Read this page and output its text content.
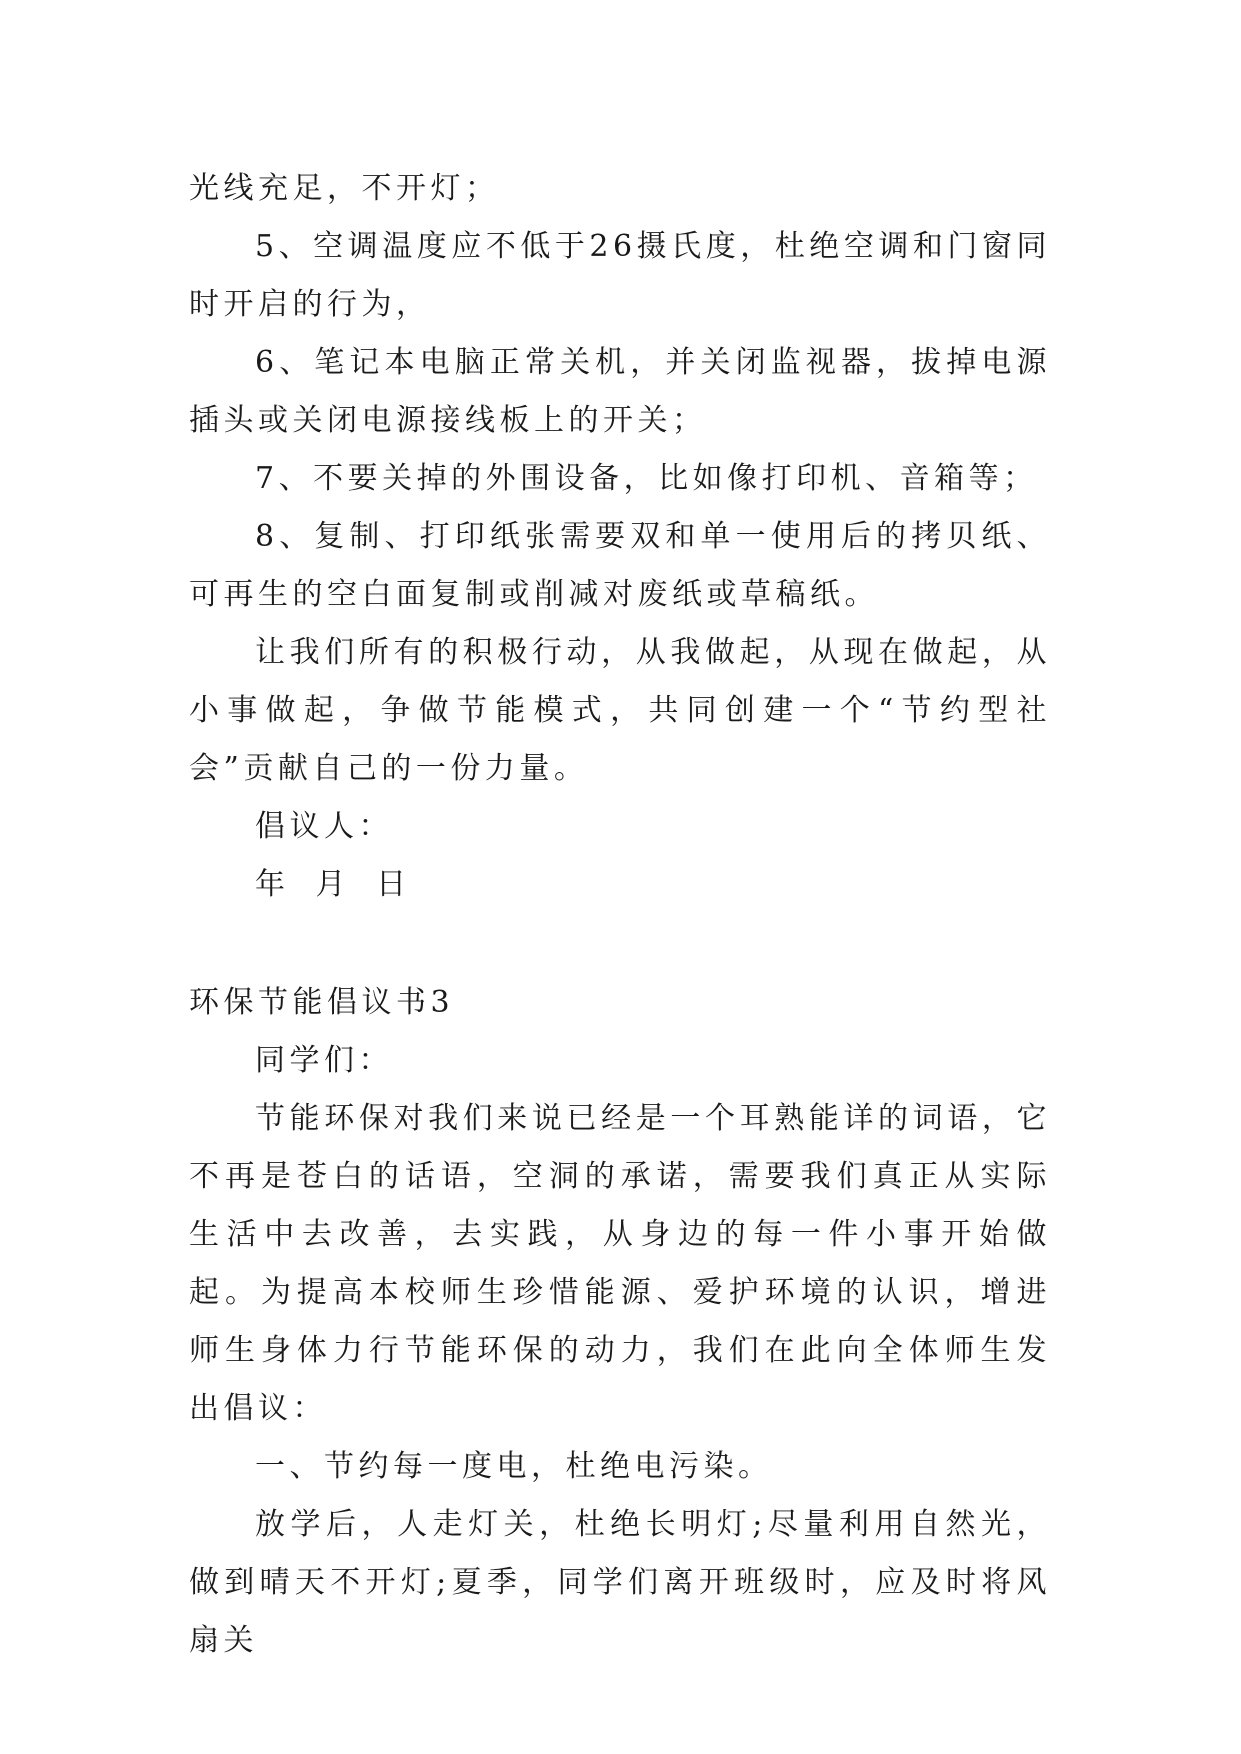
光线充足，不开灯；

5、空调温度应不低于26摄氏度，杜绝空调和门窗同时开启的行为，

6、笔记本电脑正常关机，并关闭监视器，拔掉电源插头或关闭电源接线板上的开关；

7、不要关掉的外围设备，比如像打印机、音箱等；

8、复制、打印纸张需要双和单一使用后的拷贝纸、可再生的空白面复制或削减对废纸或草稿纸。

让我们所有的积极行动，从我做起，从现在做起，从小事做起，争做节能模式，共同创建一个“节约型社会”贡献自己的一份力量。

倡议人：

年 月 日

环保节能倡议书3

同学们：

节能环保对我们来说已经是一个耳熟能详的词语，它不再是苍白的话语，空洞的承诺，需要我们真正从实际生活中去改善，去实践，从身边的每一件小事开始做起。为提高本校师生珍惜能源、爱护环境的认识，增进师生身体力行节能环保的动力，我们在此向全体师生发出倡议：

一、节约每一度电，杜绝电污染。

放学后，人走灯关，杜绝长明灯;尽量利用自然光，做到晴天不开灯;夏季，同学们离开班级时，应及时将风扇关
